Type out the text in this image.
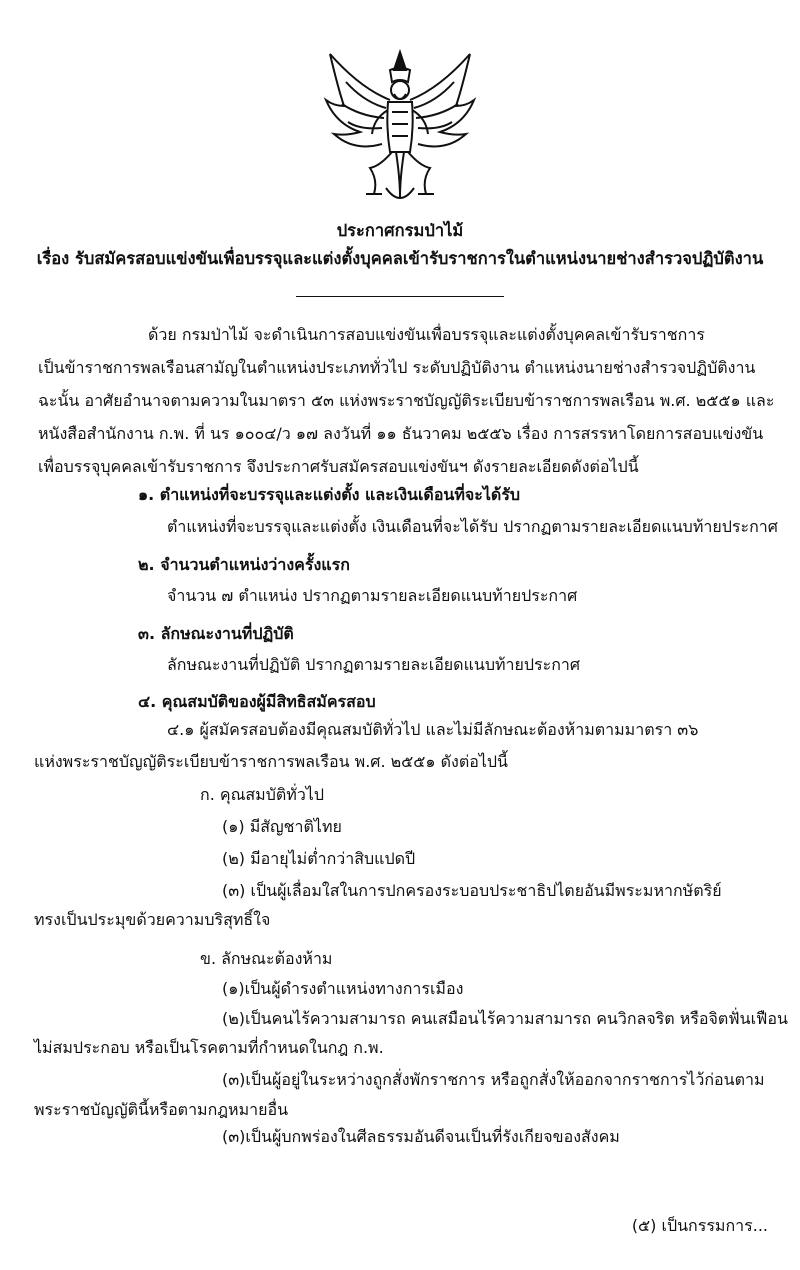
ประกาศกรมป่าไม้
เรื่อง รับสมัครสอบแข่งขันเพื่อบรรจุและแต่งตั้งบุคคลเข้ารับราชการในตำแหน่งนายช่างสำรวจปฏิบัติงาน
ด้วย กรมป่าไม้ จะดำเนินการสอบแข่งขันเพื่อบรรจุและแต่งตั้งบุคคลเข้ารับราชการ
เป็นข้าราชการพลเรือนสามัญในตำแหน่งประเภททั่วไป ระดับปฏิบัติงาน ตำแหน่งนายช่างสำรวจปฏิบัติงาน
ฉะนั้น อาศัยอำนาจตามความในมาตรา ๕๓ แห่งพระราชบัญญัติระเบียบข้าราชการพลเรือน พ.ศ. ๒๕๕๑ และ
หนังสือสำนักงาน ก.พ. ที่ นร ๑๐๐๔/ว ๑๗ ลงวันที่ ๑๑ ธันวาคม ๒๕๕๖ เรื่อง การสรรหาโดยการสอบแข่งขัน
เพื่อบรรจุบุคคลเข้ารับราชการ จึงประกาศรับสมัครสอบแข่งขันฯ ดังรายละเอียดดังต่อไปนี้
๑. ตำแหน่งที่จะบรรจุและแต่งตั้ง และเงินเดือนที่จะได้รับ
ตำแหน่งที่จะบรรจุและแต่งตั้ง เงินเดือนที่จะได้รับ ปรากฏตามรายละเอียดแนบท้ายประกาศ
๒. จำนวนตำแหน่งว่างครั้งแรก
จำนวน ๗ ตำแหน่ง ปรากฏตามรายละเอียดแนบท้ายประกาศ
๓. ลักษณะงานที่ปฏิบัติ
ลักษณะงานที่ปฏิบัติ ปรากฏตามรายละเอียดแนบท้ายประกาศ
๔. คุณสมบัติของผู้มีสิทธิสมัครสอบ
๔.๑ ผู้สมัครสอบต้องมีคุณสมบัติทั่วไป และไม่มีลักษณะต้องห้ามตามมาตรา ๓๖
แห่งพระราชบัญญัติระเบียบข้าราชการพลเรือน พ.ศ. ๒๕๕๑ ดังต่อไปนี้
ก. คุณสมบัติทั่วไป
(๑) มีสัญชาติไทย
(๒) มีอายุไม่ต่ำกว่าสิบแปดปี
(๓) เป็นผู้เลื่อมใสในการปกครองระบอบประชาธิปไตยอันมีพระมหากษัตริย์
ทรงเป็นประมุขด้วยความบริสุทธิ์ใจ
ข. ลักษณะต้องห้าม
(๑)เป็นผู้ดำรงตำแหน่งทางการเมือง
(๒)เป็นคนไร้ความสามารถ คนเสมือนไร้ความสามารถ คนวิกลจริต หรือจิตฟั่นเฟือน
ไม่สมประกอบ หรือเป็นโรคตามที่กำหนดในกฎ ก.พ.
(๓)เป็นผู้อยู่ในระหว่างถูกสั่งพักราชการ หรือถูกสั่งให้ออกจากราชการไว้ก่อนตาม
พระราชบัญญัตินี้หรือตามกฎหมายอื่น
(๓)เป็นผู้บกพร่องในศีลธรรมอันดีจนเป็นที่รังเกียจของสังคม
(๕) เป็นกรรมการ...
